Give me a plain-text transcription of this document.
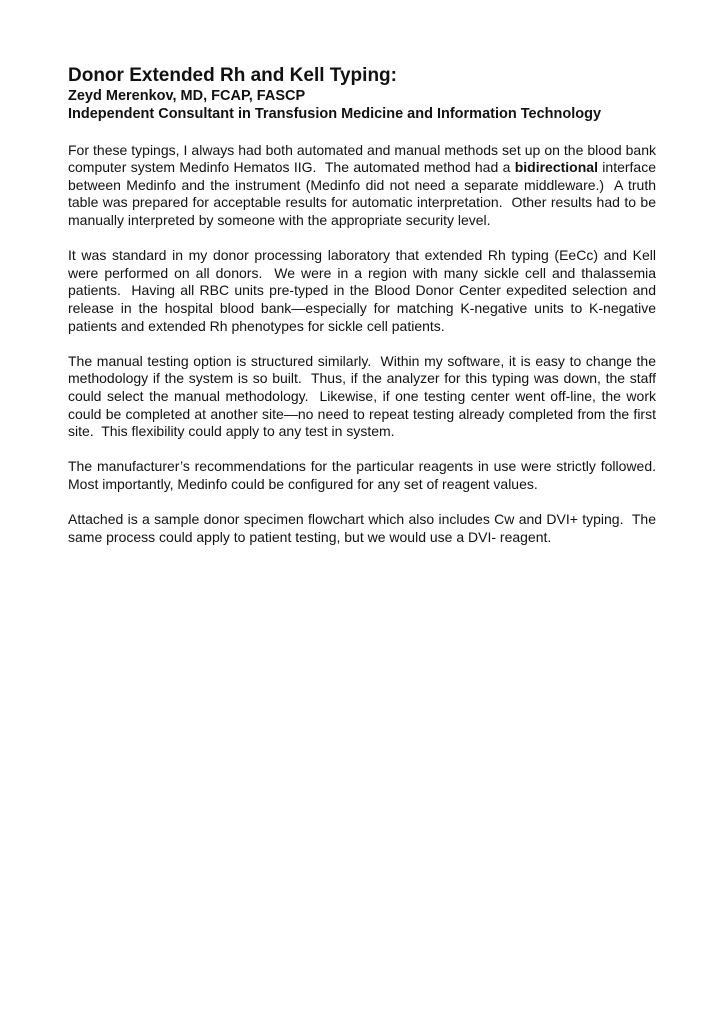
Donor Extended Rh and Kell Typing:
Zeyd Merenkov, MD, FCAP, FASCP
Independent Consultant in Transfusion Medicine and Information Technology

For these typings, I always had both automated and manual methods set up on the blood bank computer system Medinfo Hematos IIG.  The automated method had a bidirectional interface between Medinfo and the instrument (Medinfo did not need a separate middleware.)  A truth table was prepared for acceptable results for automatic interpretation.  Other results had to be manually interpreted by someone with the appropriate security level.

It was standard in my donor processing laboratory that extended Rh typing (EeCc) and Kell were performed on all donors.  We were in a region with many sickle cell and thalassemia patients.  Having all RBC units pre-typed in the Blood Donor Center expedited selection and release in the hospital blood bank—especially for matching K-negative units to K-negative patients and extended Rh phenotypes for sickle cell patients.

The manual testing option is structured similarly.  Within my software, it is easy to change the methodology if the system is so built.  Thus, if the analyzer for this typing was down, the staff could select the manual methodology.  Likewise, if one testing center went off-line, the work could be completed at another site—no need to repeat testing already completed from the first site.  This flexibility could apply to any test in system.

The manufacturer’s recommendations for the particular reagents in use were strictly followed.  Most importantly, Medinfo could be configured for any set of reagent values.

Attached is a sample donor specimen flowchart which also includes Cw and DVI+ typing.  The same process could apply to patient testing, but we would use a DVI- reagent.
